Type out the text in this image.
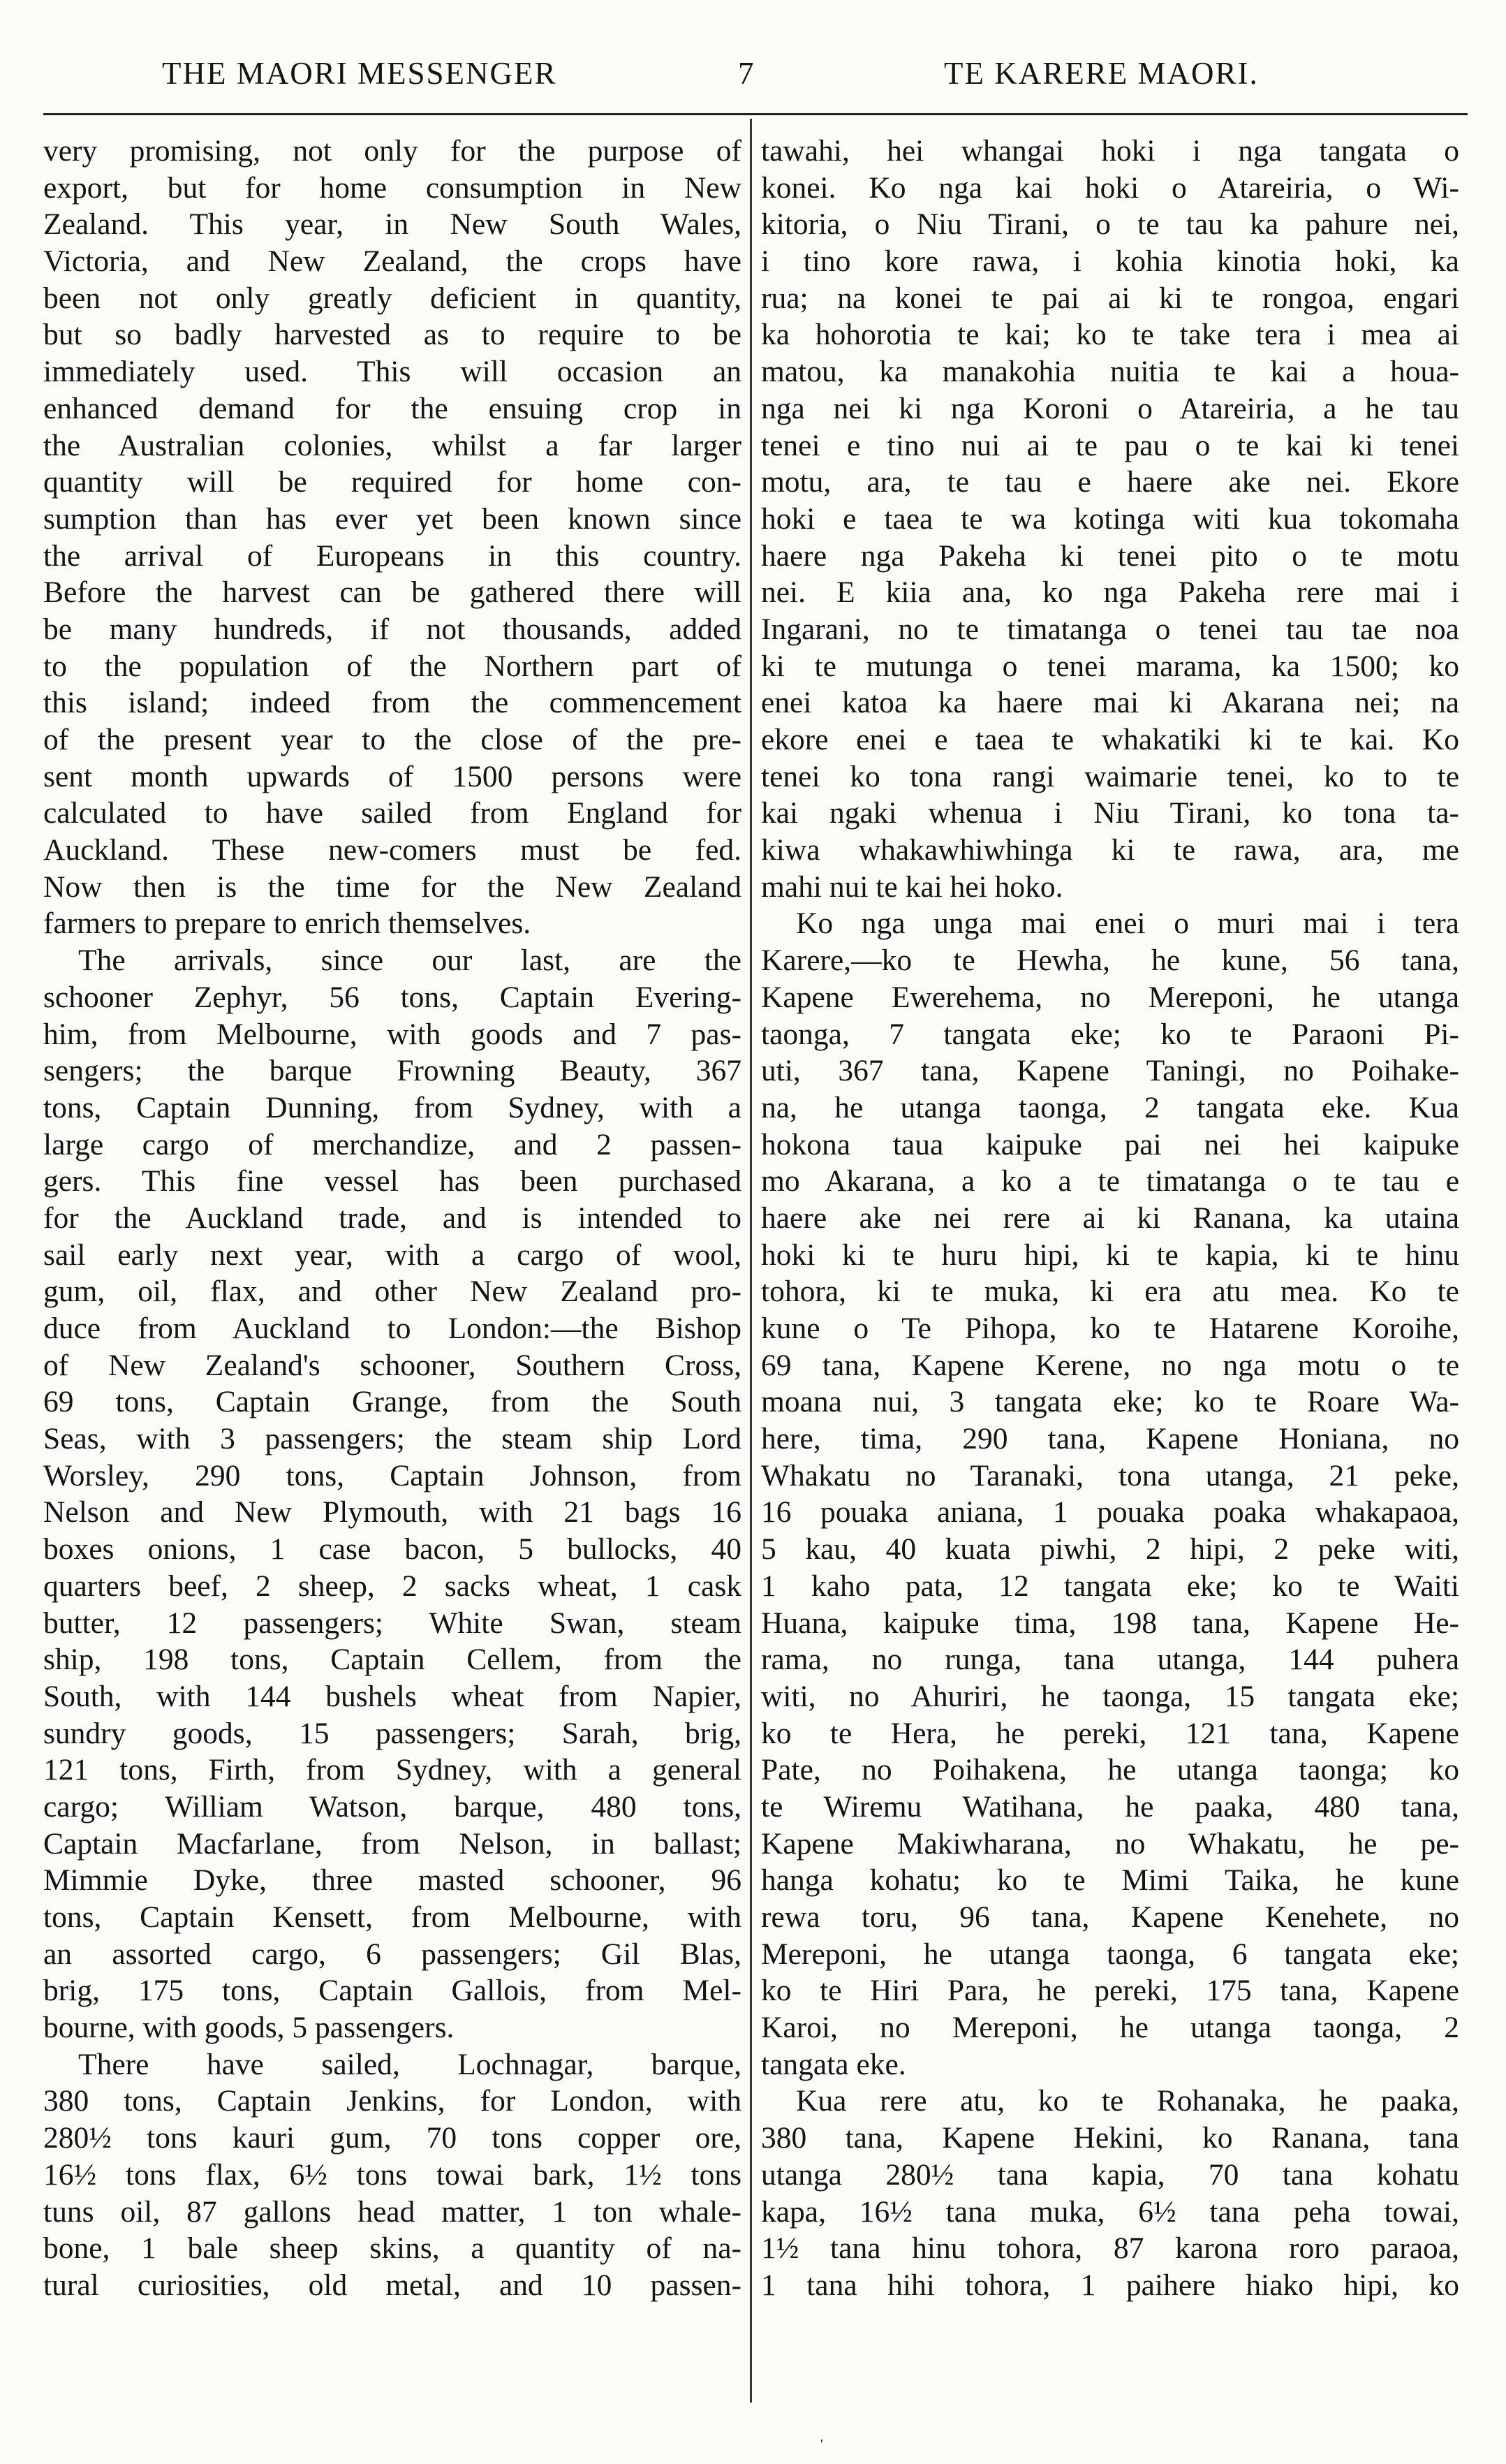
THE MAORI MESSENGER	7	TE KARERE MAORI.
very promising, not only for the purpose of
export, but for home consumption in New
Zealand. This year, in New South Wales,
Victoria, and New Zealand, the crops have
been not only greatly deficient in quantity,
but so badly harvested as to require to be
immediately used. This will occasion an
enhanced demand for the ensuing crop in
the Australian colonies, whilst a far larger
quantity will be required for home con-
sumption than has ever yet been known since
the arrival of Europeans in this country.
Before the harvest can be gathered there will
be many hundreds, if not thousands, added
to the population of the Northern part of
this island; indeed from the commencement
of the present year to the close of the pre-
sent month upwards of 1500 persons were
calculated to have sailed from England for
Auckland. These new-comers must be fed.
Now then is the time for the New Zealand
farmers to prepare to enrich themselves.
The arrivals, since our last, are the
schooner Zephyr, 56 tons, Captain Evering-
him, from Melbourne, with goods and 7 pas-
sengers; the barque Frowning Beauty, 367
tons, Captain Dunning, from Sydney, with a
large cargo of merchandize, and 2 passen-
gers. This fine vessel has been purchased
for the Auckland trade, and is intended to
sail early next year, with a cargo of wool,
gum, oil, flax, and other New Zealand pro-
duce from Auckland to London:—the Bishop
of New Zealand's schooner, Southern Cross,
69 tons, Captain Grange, from the South
Seas, with 3 passengers; the steam ship Lord
Worsley, 290 tons, Captain Johnson, from
Nelson and New Plymouth, with 21 bags 16
boxes onions, 1 case bacon, 5 bullocks, 40
quarters beef, 2 sheep, 2 sacks wheat, 1 cask
butter, 12 passengers; White Swan, steam
ship, 198 tons, Captain Cellem, from the
South, with 144 bushels wheat from Napier,
sundry goods, 15 passengers; Sarah, brig,
121 tons, Firth, from Sydney, with a general
cargo; William Watson, barque, 480 tons,
Captain Macfarlane, from Nelson, in ballast;
Mimmie Dyke, three masted schooner, 96
tons, Captain Kensett, from Melbourne, with
an assorted cargo, 6 passengers; Gil Blas,
brig, 175 tons, Captain Gallois, from Mel-
bourne, with goods, 5 passengers.
There have sailed, Lochnagar, barque,
380 tons, Captain Jenkins, for London, with
280½ tons kauri gum, 70 tons copper ore,
16½ tons flax, 6½ tons towai bark, 1½ tons
tuns oil, 87 gallons head matter, 1 ton whale-
bone, 1 bale sheep skins, a quantity of na-
tural curiosities, old metal, and 10 passen-
tawahi, hei whangai hoki i nga tangata o
konei. Ko nga kai hoki o Atareiria, o Wi-
kitoria, o Niu Tirani, o te tau ka pahure nei,
i tino kore rawa, i kohia kinotia hoki, ka
rua; na konei te pai ai ki te rongoa, engari
ka hohorotia te kai; ko te take tera i mea ai
matou, ka manakohia nuitia te kai a houa-
nga nei ki nga Koroni o Atareiria, a he tau
tenei e tino nui ai te pau o te kai ki tenei
motu, ara, te tau e haere ake nei. Ekore
hoki e taea te wa kotinga witi kua tokomaha
haere nga Pakeha ki tenei pito o te motu
nei. E kiia ana, ko nga Pakeha rere mai i
Ingarani, no te timatanga o tenei tau tae noa
ki te mutunga o tenei marama, ka 1500; ko
enei katoa ka haere mai ki Akarana nei; na
ekore enei e taea te whakatiki ki te kai. Ko
tenei ko tona rangi waimarie tenei, ko to te
kai ngaki whenua i Niu Tirani, ko tona ta-
kiwa whakawhiwhinga ki te rawa, ara, me
mahi nui te kai hei hoko.
Ko nga unga mai enei o muri mai i tera
Karere,—ko te Hewha, he kune, 56 tana,
Kapene Ewerehema, no Mereponi, he utanga
taonga, 7 tangata eke; ko te Paraoni Pi-
uti, 367 tana, Kapene Taningi, no Poihake-
na, he utanga taonga, 2 tangata eke. Kua
hokona taua kaipuke pai nei hei kaipuke
mo Akarana, a ko a te timatanga o te tau e
haere ake nei rere ai ki Ranana, ka utaina
hoki ki te huru hipi, ki te kapia, ki te hinu
tohora, ki te muka, ki era atu mea. Ko te
kune o Te Pihopa, ko te Hatarene Koroihe,
69 tana, Kapene Kerene, no nga motu o te
moana nui, 3 tangata eke; ko te Roare Wa-
here, tima, 290 tana, Kapene Honiana, no
Whakatu no Taranaki, tona utanga, 21 peke,
16 pouaka aniana, 1 pouaka poaka whakapaoa,
5 kau, 40 kuata piwhi, 2 hipi, 2 peke witi,
1 kaho pata, 12 tangata eke; ko te Waiti
Huana, kaipuke tima, 198 tana, Kapene He-
rama, no runga, tana utanga, 144 puhera
witi, no Ahuriri, he taonga, 15 tangata eke;
ko te Hera, he pereki, 121 tana, Kapene
Pate, no Poihakena, he utanga taonga; ko
te Wiremu Watihana, he paaka, 480 tana,
Kapene Makiwharana, no Whakatu, he pe-
hanga kohatu; ko te Mimi Taika, he kune
rewa toru, 96 tana, Kapene Kenehete, no
Mereponi, he utanga taonga, 6 tangata eke;
ko te Hiri Para, he pereki, 175 tana, Kapene
Karoi, no Mereponi, he utanga taonga, 2
tangata eke.
Kua rere atu, ko te Rohanaka, he paaka,
380 tana, Kapene Hekini, ko Ranana, tana
utanga 280½ tana kapia, 70 tana kohatu
kapa, 16½ tana muka, 6½ tana peha towai,
1½ tana hinu tohora, 87 karona roro paraoa,
1 tana hihi tohora, 1 paihere hiako hipi, ko
'
